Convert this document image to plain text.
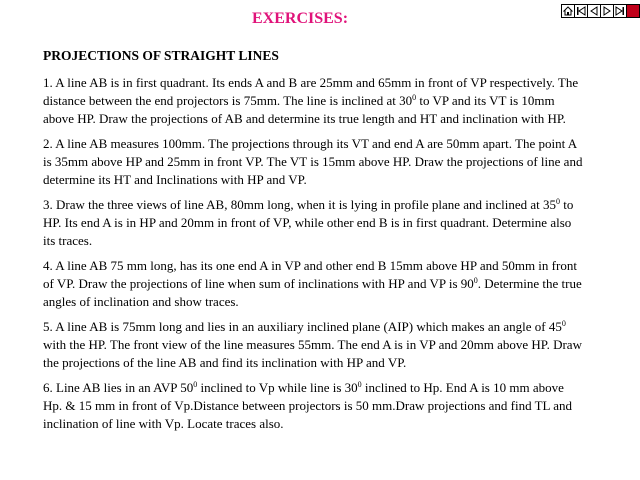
EXERCISES:
PROJECTIONS OF STRAIGHT LINES

1. A line AB is in first quadrant. Its ends A and B are 25mm and 65mm in front of VP respectively. The distance between the end projectors is 75mm. The line is inclined at $30^0$ to VP and its VT is 10mm above HP. Draw the projections of AB and determine its true length and HT and inclination with HP.

2. A line AB measures 100mm. The projections through its VT and end A are 50mm apart. The point A is 35mm above HP and 25mm in front VP. The VT is 15mm above HP. Draw the projections of line and determine its HT and Inclinations with HP and VP.

3. Draw the three views of line AB, 80mm long, when it is lying in profile plane and inclined at $35^0$ to HP. Its end A is in HP and 20mm in front of VP, while other end B is in first quadrant. Determine also its traces.

4. A line AB 75 mm long, has its one end A in VP and other end B 15mm above HP and 50mm in front of VP. Draw the projections of line when sum of inclinations with HP and VP is $90^0$. Determine the true angles of inclination and show traces.

5. A line AB is 75mm long and lies in an auxiliary inclined plane (AIP) which makes an angle of $45^0$ with the HP. The front view of the line measures 55mm. The end A is in VP and 20mm above HP. Draw the projections of the line AB and find its inclination with HP and VP.

6. Line AB lies in an AVP $50^0$ inclined to Vp while line is $30^0$ inclined to Hp. End A is 10 mm above Hp. & 15 mm in front of Vp.Distance between projectors is 50 mm.Draw projections and find TL and inclination of line with Vp. Locate traces also.
